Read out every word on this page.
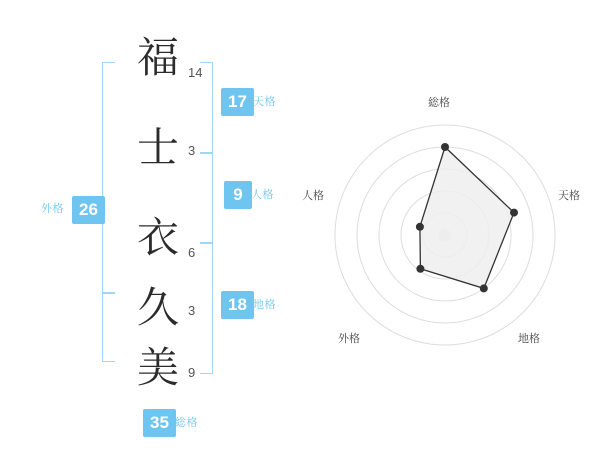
福 14
士 3
衣 6
久 3
美 9
17 天格
9 人格
18 地格
外格 26
35 総格
総格
天格
地格
外格
人格
